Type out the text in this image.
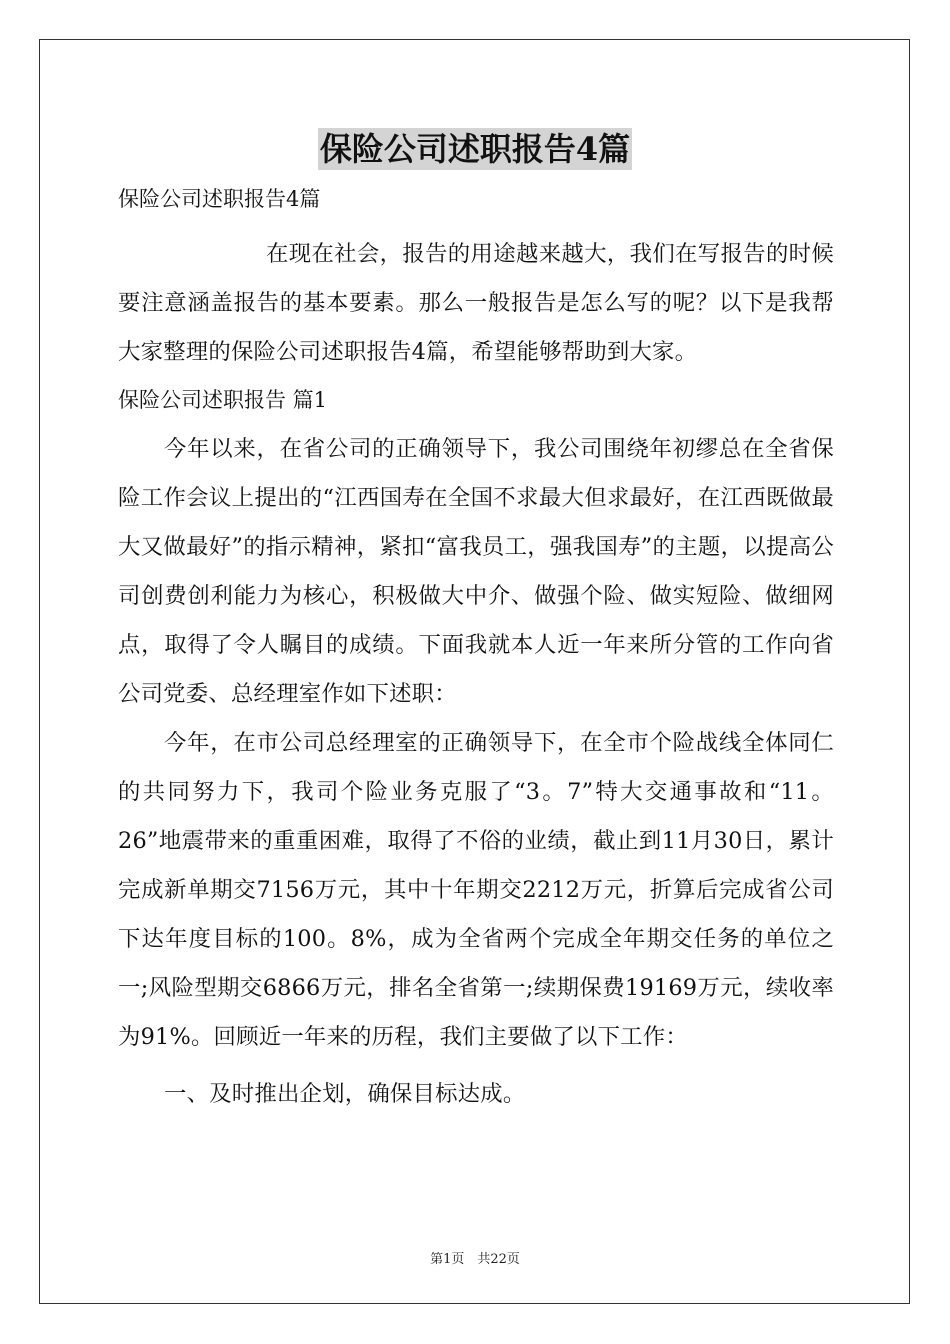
保险公司述职报告4篇

保险公司述职报告4篇

在现在社会，报告的用途越来越大，我们在写报告的时候要注意涵盖报告的基本要素。那么一般报告是怎么写的呢？以下是我帮大家整理的保险公司述职报告4篇，希望能够帮助到大家。

保险公司述职报告 篇1

今年以来，在省公司的正确领导下，我公司围绕年初缪总在全省保险工作会议上提出的“江西国寿在全国不求最大但求最好，在江西既做最大又做最好”的指示精神，紧扣“富我员工，强我国寿”的主题，以提高公司创费创利能力为核心，积极做大中介、做强个险、做实短险、做细网点，取得了令人瞩目的成绩。下面我就本人近一年来所分管的工作向省公司党委、总经理室作如下述职：

今年，在市公司总经理室的正确领导下，在全市个险战线全体同仁的共同努力下，我司个险业务克服了“3。7”特大交通事故和“11。26”地震带来的重重困难，取得了不俗的业绩，截止到11月30日，累计完成新单期交7156万元，其中十年期交2212万元，折算后完成省公司下达年度目标的100。8%，成为全省两个完成全年期交任务的单位之一;风险型期交6866万元，排名全省第一;续期保费19169万元，续收率为91%。回顾近一年来的历程，我们主要做了以下工作：

一、及时推出企划，确保目标达成。

第1页　共22页
